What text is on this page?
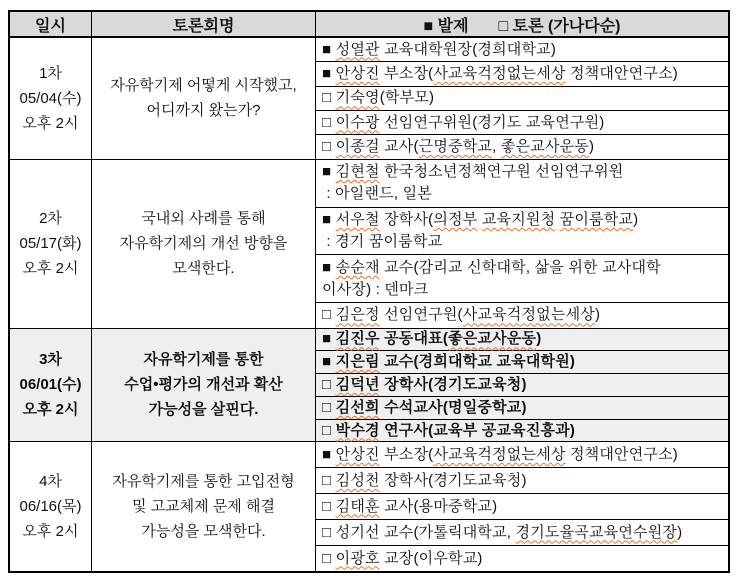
일시	토론회명	■ 발제 □ 토론 (가나다순)
1차
05/04(수)
오후 2시
자유학기제 어떻게 시작했고,
어디까지 왔는가?
■ 성열관 교육대학원장(경희대학교)
■ 안상진 부소장(사교육걱정없는세상 정책대안연구소)
□ 기숙영(학부모)
□ 이수광 선임연구위원(경기도 교육연구원)
□ 이종걸 교사(근명중학교, 좋은교사운동)
2차
05/17(화)
오후 2시
국내외 사례를 통해
자유학기제의 개선 방향을
모색한다.
■ 김현철 한국청소년정책연구원 선임연구위원
: 아일랜드, 일본
■ 서우철 장학사(의정부 교육지원청 꿈이룸학교)
: 경기 꿈이룸학교
■ 송순재 교수(감리교 신학대학, 삶을 위한 교사대학
이사장) : 덴마크
□ 김은정 선임연구원(사교육걱정없는세상)
3차
06/01(수)
오후 2시
자유학기제를 통한
수업•평가의 개선과 확산
가능성을 살핀다.
■ 김진우 공동대표(좋은교사운동)
■ 지은림 교수(경희대학교 교육대학원)
□ 김덕년 장학사(경기도교육청)
□ 김선희 수석교사(명일중학교)
□ 박수경 연구사(교육부 공교육진흥과)
4차
06/16(목)
오후 2시
자유학기제를 통한 고입전형
및 고교체제 문제 해결
가능성을 모색한다.
■ 안상진 부소장(사교육걱정없는세상 정책대안연구소)
□ 김성천 장학사(경기도교육청)
□ 김태훈 교사(용마중학교)
□ 성기선 교수(가톨릭대학교, 경기도율곡교육연수원장)
□ 이광호 교장(이우학교)
